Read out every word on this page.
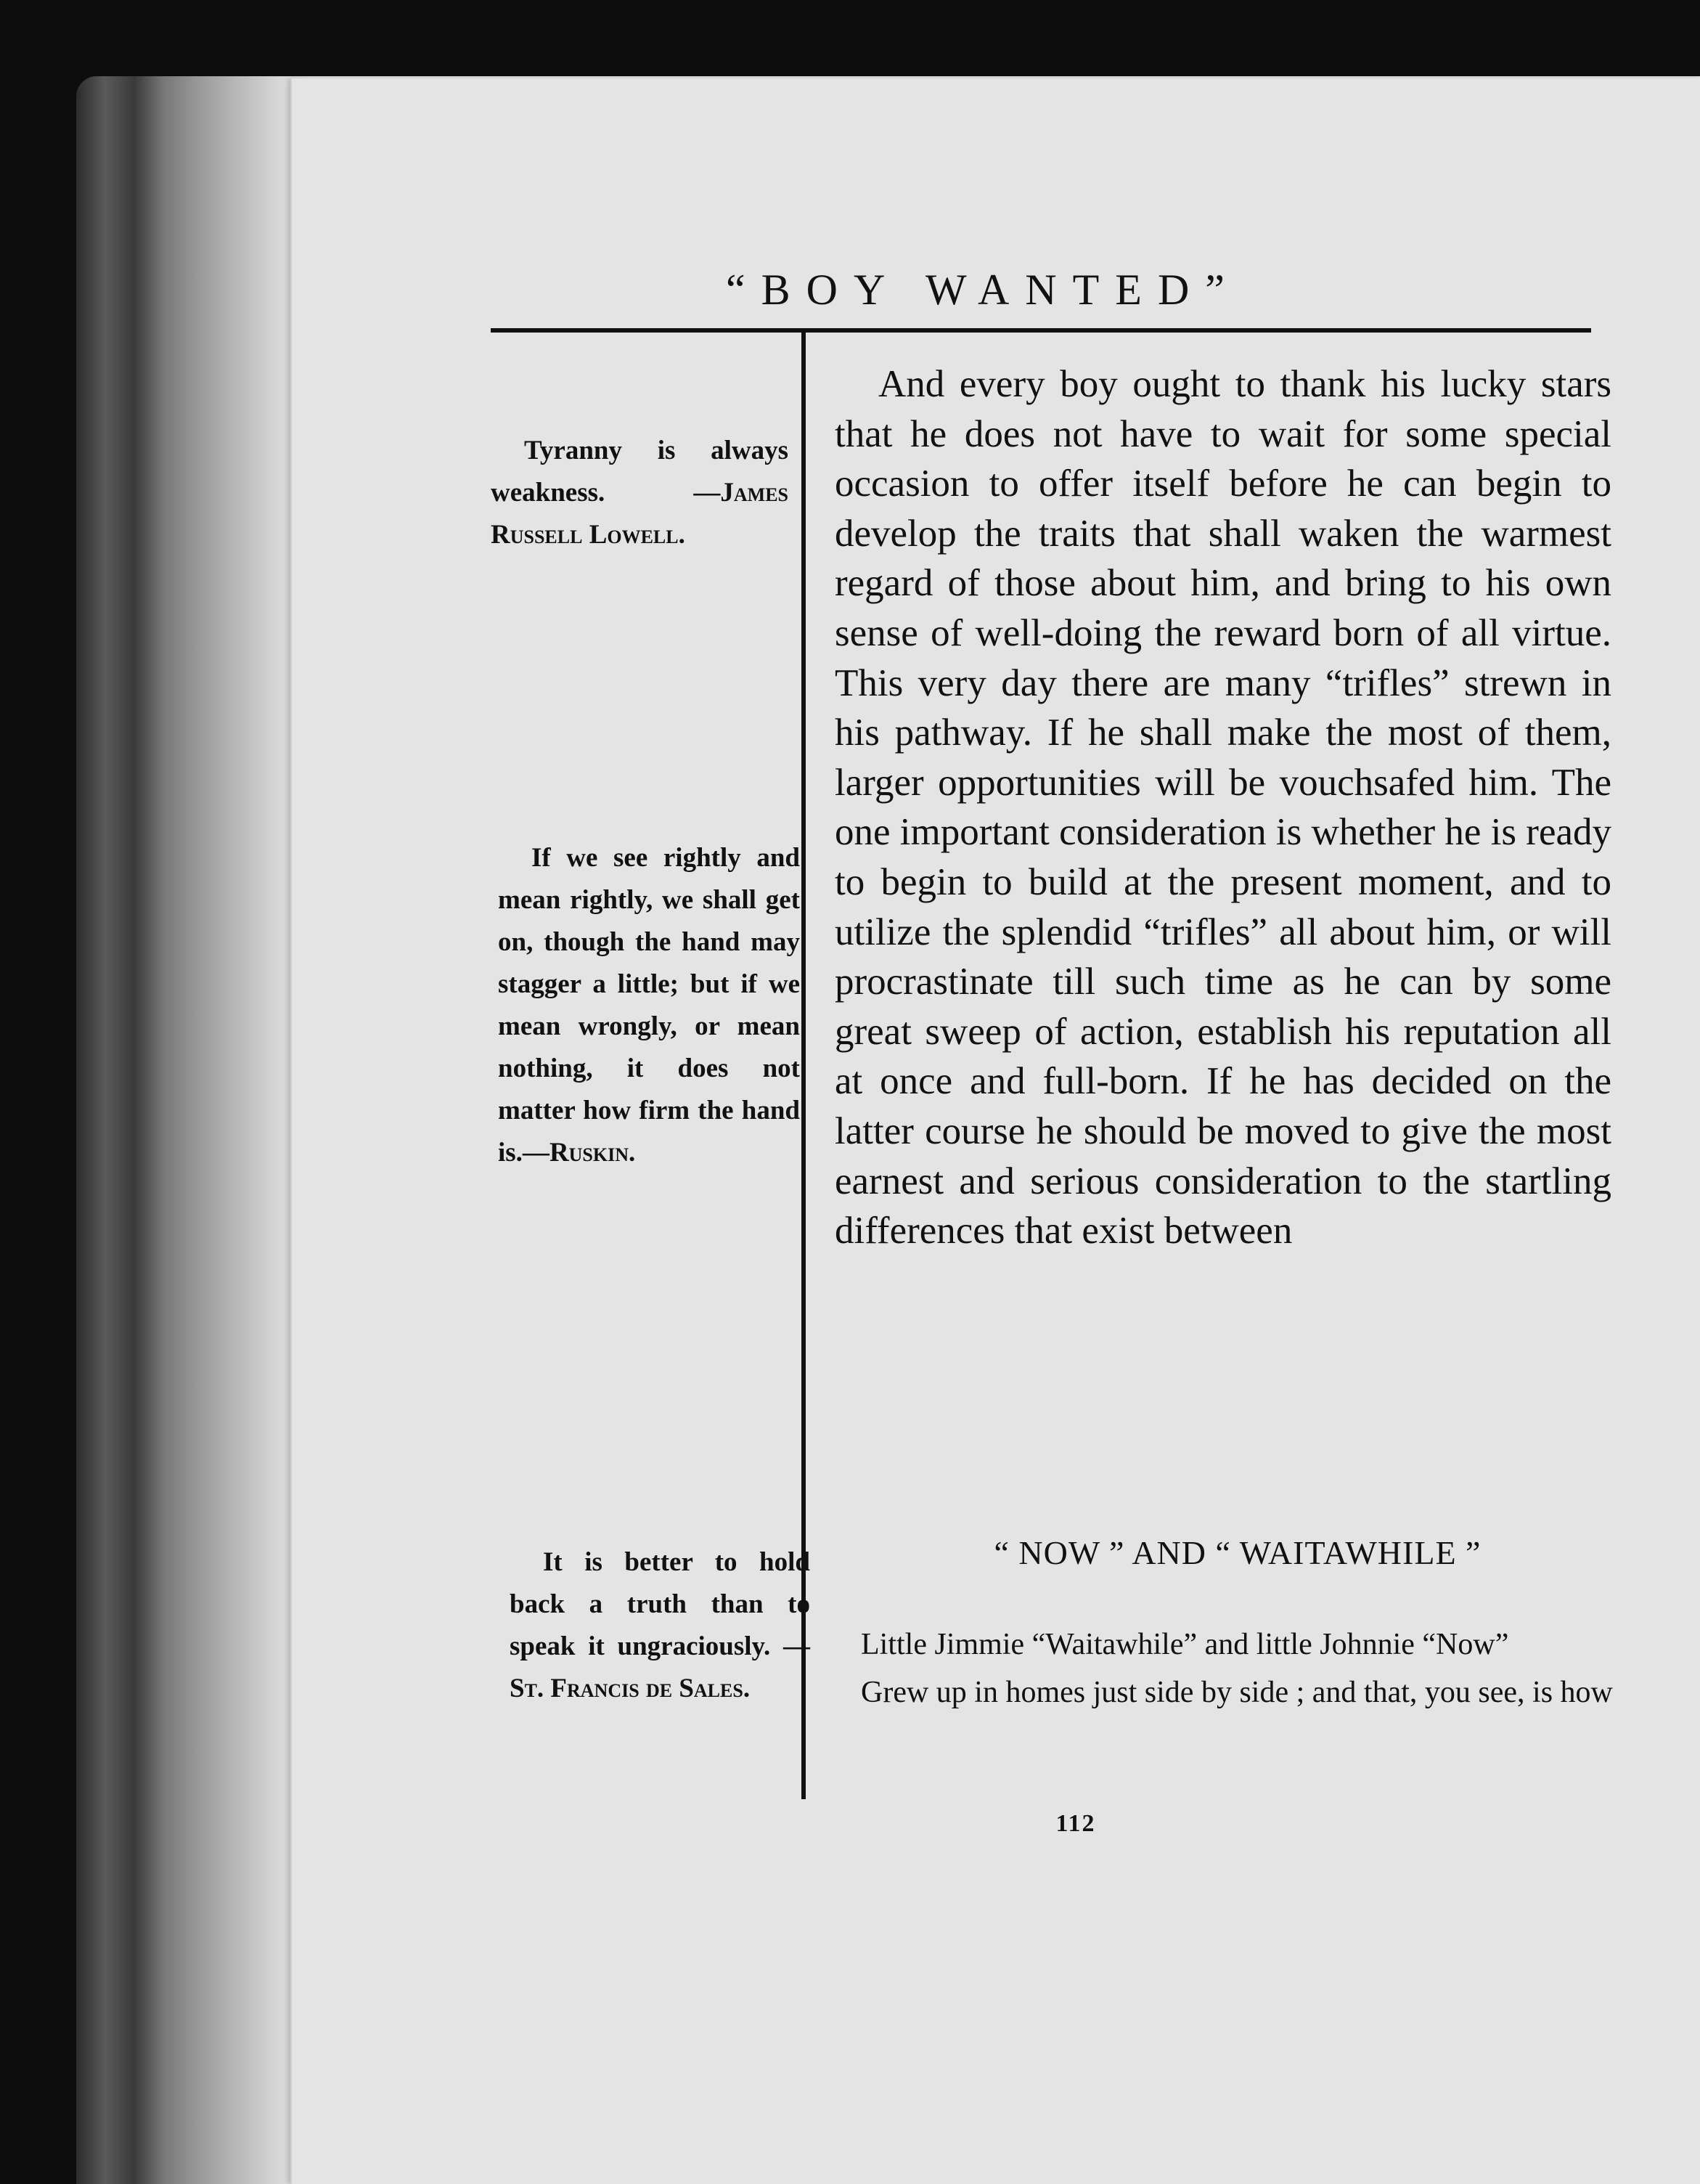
“BOY WANTED”

Tyranny is always weakness. —James Russell Lowell.

If we see rightly and mean rightly, we shall get on, though the hand may stagger a little; but if we mean wrongly, or mean nothing, it does not matter how firm the hand is.—Ruskin.

It is better to hold back a truth than to speak it ungraciously. — St. Francis de Sales.

And every boy ought to thank his lucky stars that he does not have to wait for some special occasion to offer itself before he can begin to develop the traits that shall waken the warmest regard of those about him, and bring to his own sense of well-doing the reward born of all virtue. This very day there are many “trifles” strewn in his pathway. If he shall make the most of them, larger opportunities will be vouchsafed him. The one important consideration is whether he is ready to begin to build at the present moment, and to utilize the splendid “trifles” all about him, or will procrastinate till such time as he can by some great sweep of action, establish his reputation all at once and full-born. If he has decided on the latter course he should be moved to give the most earnest and serious consideration to the startling differences that exist between

“ NOW ” AND “ WAITAWHILE ”

Little Jimmie “Waitawhile” and little Johnnie “Now”

Grew up in homes just side by side ; and that, you see, is how

112
